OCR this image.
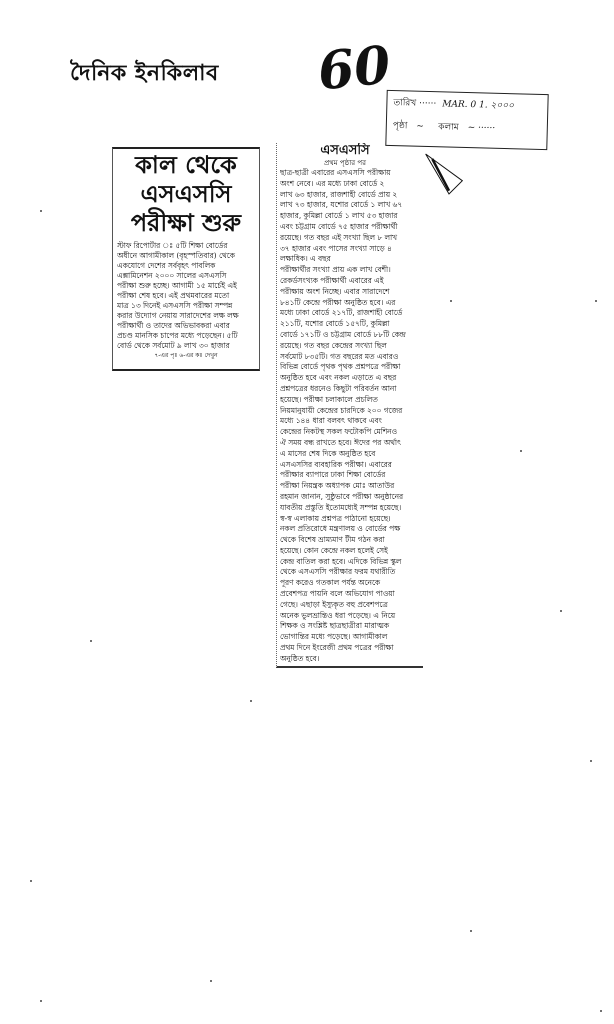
দৈনিক ইনকিলাব 60
তারিখ ······ MAR. 0 1. ২০০০
পৃষ্ঠা ~ কলাম ~ ······
কাল থেকে
এসএসসি
পরীক্ষা শুরু
স্টাফ রিপোর্টার ঃ ৫টি শিক্ষা বোর্ডের
অধীনে আগামীকাল (বৃহস্পতিবার) থেকে
একযোগে দেশের সর্ববৃহৎ পাবলিক
এক্সামিনেশন ২০০০ সালের এসএসসি
পরীক্ষা শুরু হচ্ছে। আগামী ১৫ মার্চেই এই
পরীক্ষা শেষ হবে। এই প্রথমবারের মতো
মাত্র ১৩ দিনেই এসএসসি পরীক্ষা সম্পন্ন
করার উদ্যোগ নেয়ায় সারাদেশের লক্ষ লক্ষ
পরীক্ষার্থী ও তাদের অভিভাবকরা এবার
প্রচণ্ড মানসিক চাপের মধ্যে পড়েছেন। ৫টি
বোর্ড থেকে সর্বমোট ৯ লাখ ৩০ হাজার
৭-এর পৃঃ ৬-এর কঃ দেখুন
এসএসসি
প্রথম পৃষ্ঠার পর
ছাত্র-ছাত্রী এবারের এসএসসি পরীক্ষায়
অংশ নেবে। এর মধ্যে ঢাকা বোর্ডে ২
লাখ ৬৩ হাজার, রাজশাহী বোর্ডে প্রায় ২
লাখ ৭৩ হাজার, যশোর বোর্ডে ১ লাখ ৬৭
হাজার, কুমিল্লা বোর্ডে ১ লাখ ৫৩ হাজার
এবং চট্টগ্রাম বোর্ডে ৭৫ হাজার পরীক্ষার্থী
রয়েছে। গত বছর এই সংখ্যা ছিল ৮ লাখ
৩৭ হাজার এবং পাসের সংখ্যা সাড়ে ৪
লক্ষাধিক। এ বছর
পরীক্ষার্থীর সংখ্যা প্রায় এক লাখ বেশী।
রেকর্ডসংখ্যক পরীক্ষার্থী এবারের এই
পরীক্ষায় অংশ নিচ্ছে। এবার সারাদেশে
৮৪১টি কেন্দ্রে পরীক্ষা অনুষ্ঠিত হবে। এর
মধ্যে ঢাকা বোর্ডে ২১৭টি, রাজশাহী বোর্ডে
২১১টি, যশোর বোর্ডে ১৫৭টি, কুমিল্লা
বোর্ডে ১৭১টি ও চট্টগ্রাম বোর্ডে ৮৮টি কেন্দ্র
রয়েছে। গত বছর কেন্দ্রের সংখ্যা ছিল
সর্বমোট ৮৩৫টি। গত বছরের মত এবারও
বিভিন্ন বোর্ডে পৃথক পৃথক প্রশ্নপত্রে পরীক্ষা
অনুষ্ঠিত হবে এবং নকল এড়াতে এ বছর
প্রশ্নপত্রের ধরনেও কিছুটা পরিবর্তন আনা
হয়েছে। পরীক্ষা চলাকালে প্রচলিত
নিয়মানুযায়ী কেন্দ্রের চারদিকে ২০০ গজের
মধ্যে ১৪৪ ধারা বলবৎ থাকবে এবং
কেন্দ্রের নিকটস্থ সকল ফটোকপি মেশিনও
ঐ সময় বন্ধ রাখতে হবে। ঈদের পর অর্থাৎ
এ মাসের শেষ দিকে অনুষ্ঠিত হবে
এসএসসির ব্যবহারিক পরীক্ষা। এবারের
পরীক্ষার ব্যাপারে ঢাকা শিক্ষা বোর্ডের
পরীক্ষা নিয়ন্ত্রক অধ্যাপক মোঃ আতাউর
রহমান জানান, সুষ্ঠুভাবে পরীক্ষা অনুষ্ঠানের
যাবতীয় প্রস্তুতি ইতোমধ্যেই সম্পন্ন হয়েছে।
স্ব-স্ব এলাকায় প্রশ্নপত্র পাঠানো হয়েছে।
নকল প্রতিরোধে মন্ত্রণালয় ও বোর্ডের পক্ষ
থেকে বিশেষ ভ্রাম্যমাণ টীম গঠন করা
হয়েছে। কোন কেন্দ্রে নকল হলেই সেই
কেন্দ্র বাতিল করা হবে। এদিকে বিভিন্ন স্কুল
থেকে এসএসসি পরীক্ষার ফরম যথারীতি
পূরণ করেও গতকাল পর্যন্ত অনেকে
প্রবেশপত্র পায়নি বলে অভিযোগ পাওয়া
গেছে। এছাড়া ইস্যুকৃত বহু প্রবেশপত্রে
অনেক ভুলভ্রান্তিও ধরা পড়েছে। এ নিয়ে
শিক্ষক ও সংশ্লিষ্ট ছাত্রছাত্রীরা মারাত্মক
ভোগান্তির মধ্যে পড়েছে। আগামীকাল
প্রথম দিনে ইংরেজী প্রথম পত্রের পরীক্ষা
অনুষ্ঠিত হবে।
